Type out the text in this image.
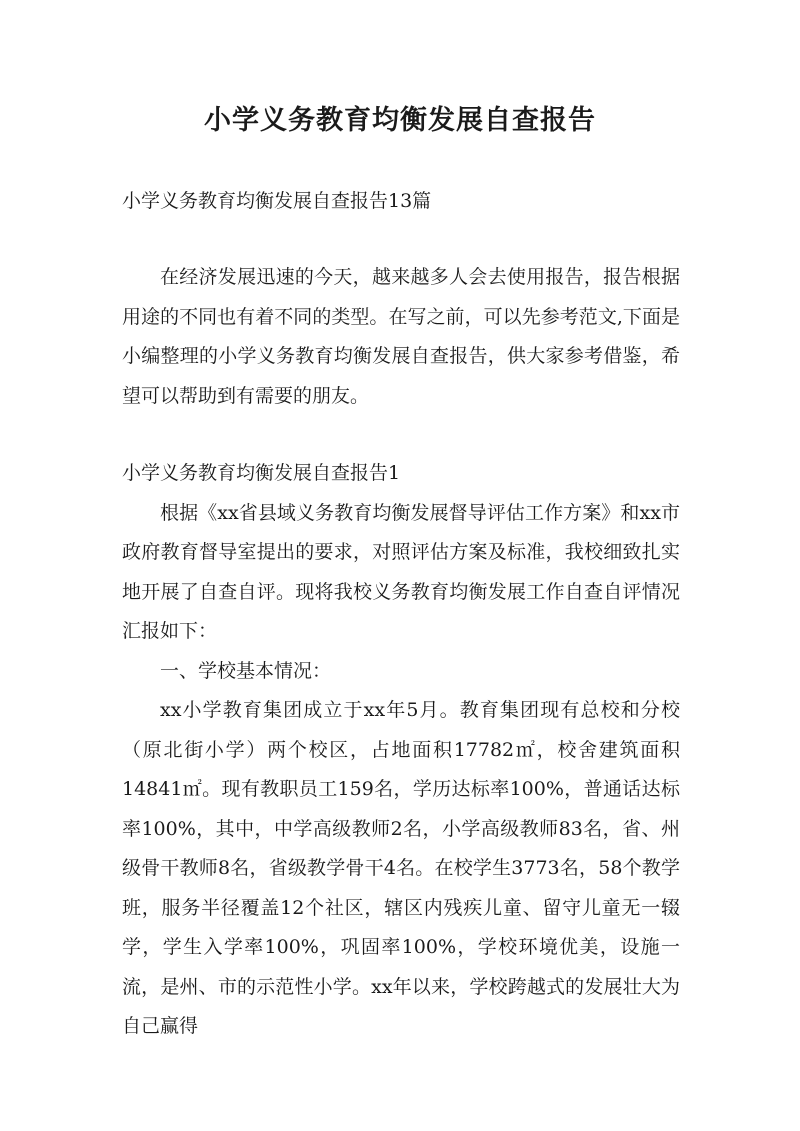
小学义务教育均衡发展自查报告

小学义务教育均衡发展自查报告13篇

在经济发展迅速的今天，越来越多人会去使用报告，报告根据用途的不同也有着不同的类型。在写之前，可以先参考范文,下面是小编整理的小学义务教育均衡发展自查报告，供大家参考借鉴，希望可以帮助到有需要的朋友。

小学义务教育均衡发展自查报告1

根据《xx省县域义务教育均衡发展督导评估工作方案》和xx市政府教育督导室提出的要求，对照评估方案及标准，我校细致扎实地开展了自查自评。现将我校义务教育均衡发展工作自查自评情况汇报如下：

一、学校基本情况：

xx小学教育集团成立于xx年5月。教育集团现有总校和分校（原北街小学）两个校区，占地面积17782㎡，校舍建筑面积14841㎡。现有教职员工159名，学历达标率100%，普通话达标率100%，其中，中学高级教师2名，小学高级教师83名，省、州级骨干教师8名，省级教学骨干4名。在校学生3773名，58个教学班，服务半径覆盖12个社区，辖区内残疾儿童、留守儿童无一辍学，学生入学率100%，巩固率100%，学校环境优美，设施一流，是州、市的示范性小学。xx年以来，学校跨越式的发展壮大为自己赢得
